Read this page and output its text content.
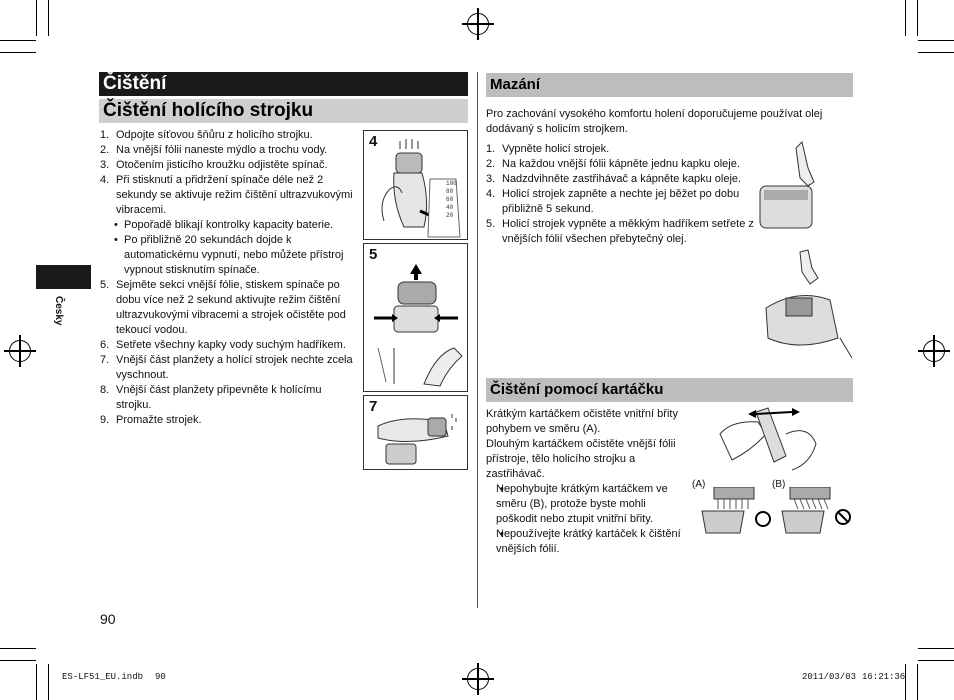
Česky
Čištění
Čištění holícího strojku
1. Odpojte síťovou šňůru z holicího strojku.
2. Na vnější fólii naneste mýdlo a trochu vody.
3. Otočením jisticího kroužku odjistěte spínač.
4. Při stisknutí a přidržení spínače déle než 2 sekundy se aktivuje režim čištění ultrazvukovými vibracemi.
• Popořadě blikají kontrolky kapacity baterie.
• Po přibližně 20 sekundách dojde k automatickému vypnutí, nebo můžete přístroj vypnout stisknutím spínače.
5. Sejměte sekci vnější fólie, stiskem spínače po dobu více než 2 sekund aktivujte režim čištění ultrazvukovými vibracemi a strojek očistěte pod tekoucí vodou.
6. Setřete všechny kapky vody suchým hadříkem.
7. Vnější část planžety a holící strojek nechte zcela vyschnout.
8. Vnější část planžety připevněte k holícímu strojku.
9. Promažte strojek.
4
100
80
60
40
20
5
7
90
Mazání
Pro zachování vysokého komfortu holení doporučujeme používat olej dodávaný s holicím strojkem.
1. Vypněte holicí strojek.
2. Na každou vnější fólii kápněte jednu kapku oleje.
3. Nadzdvihněte zastřihávač a kápněte kapku oleje.
4. Holicí strojek zapněte a nechte jej běžet po dobu přibližně 5 sekund.
5. Holicí strojek vypněte a měkkým hadříkem setřete z vnějších fólií všechen přebytečný olej.
Čištění pomocí kartáčku
Krátkým kartáčkem očistěte vnitřní břity pohybem ve směru (A).
Dlouhým kartáčkem očistěte vnější fólii přístroje, tělo holicího strojku a zastřihávač.
• Nepohybujte krátkým kartáčkem ve směru (B), protože byste mohli poškodit nebo ztupit vnitřní břity.
• Nepoužívejte krátký kartáček k čištění vnějších fólií.
(A)	(B)
ES-LF51_EU.indb 90	2011/03/03 16:21:36
